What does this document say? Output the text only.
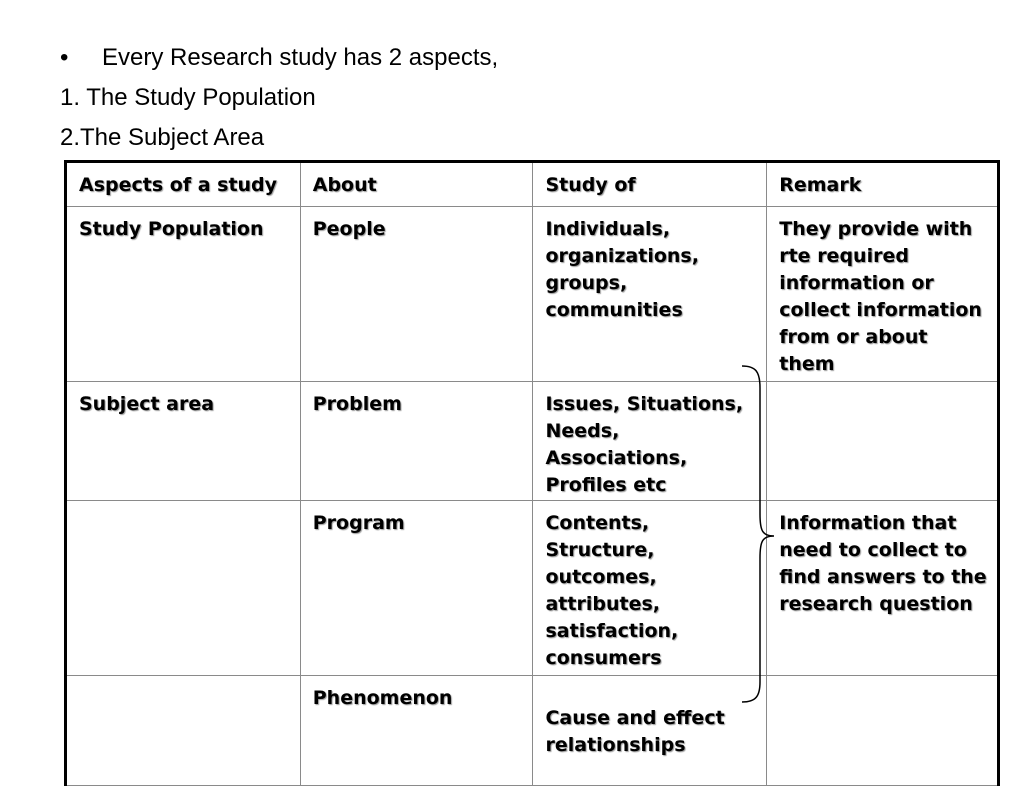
• Every Research study has 2 aspects,
1. The Study Population
2.The Subject Area
Aspects of a study	About	Study of	Remark
Study Population	People	Individuals, organizations, groups, communities	They provide with rte required information or collect information from or about them
Subject area	Problem	Issues, Situations, Needs, Associations, Profiles etc	
	Program	Contents, Structure, outcomes, attributes, satisfaction, consumers	Information that need to collect to find answers to the research question
	Phenomenon	Cause and effect relationships	
